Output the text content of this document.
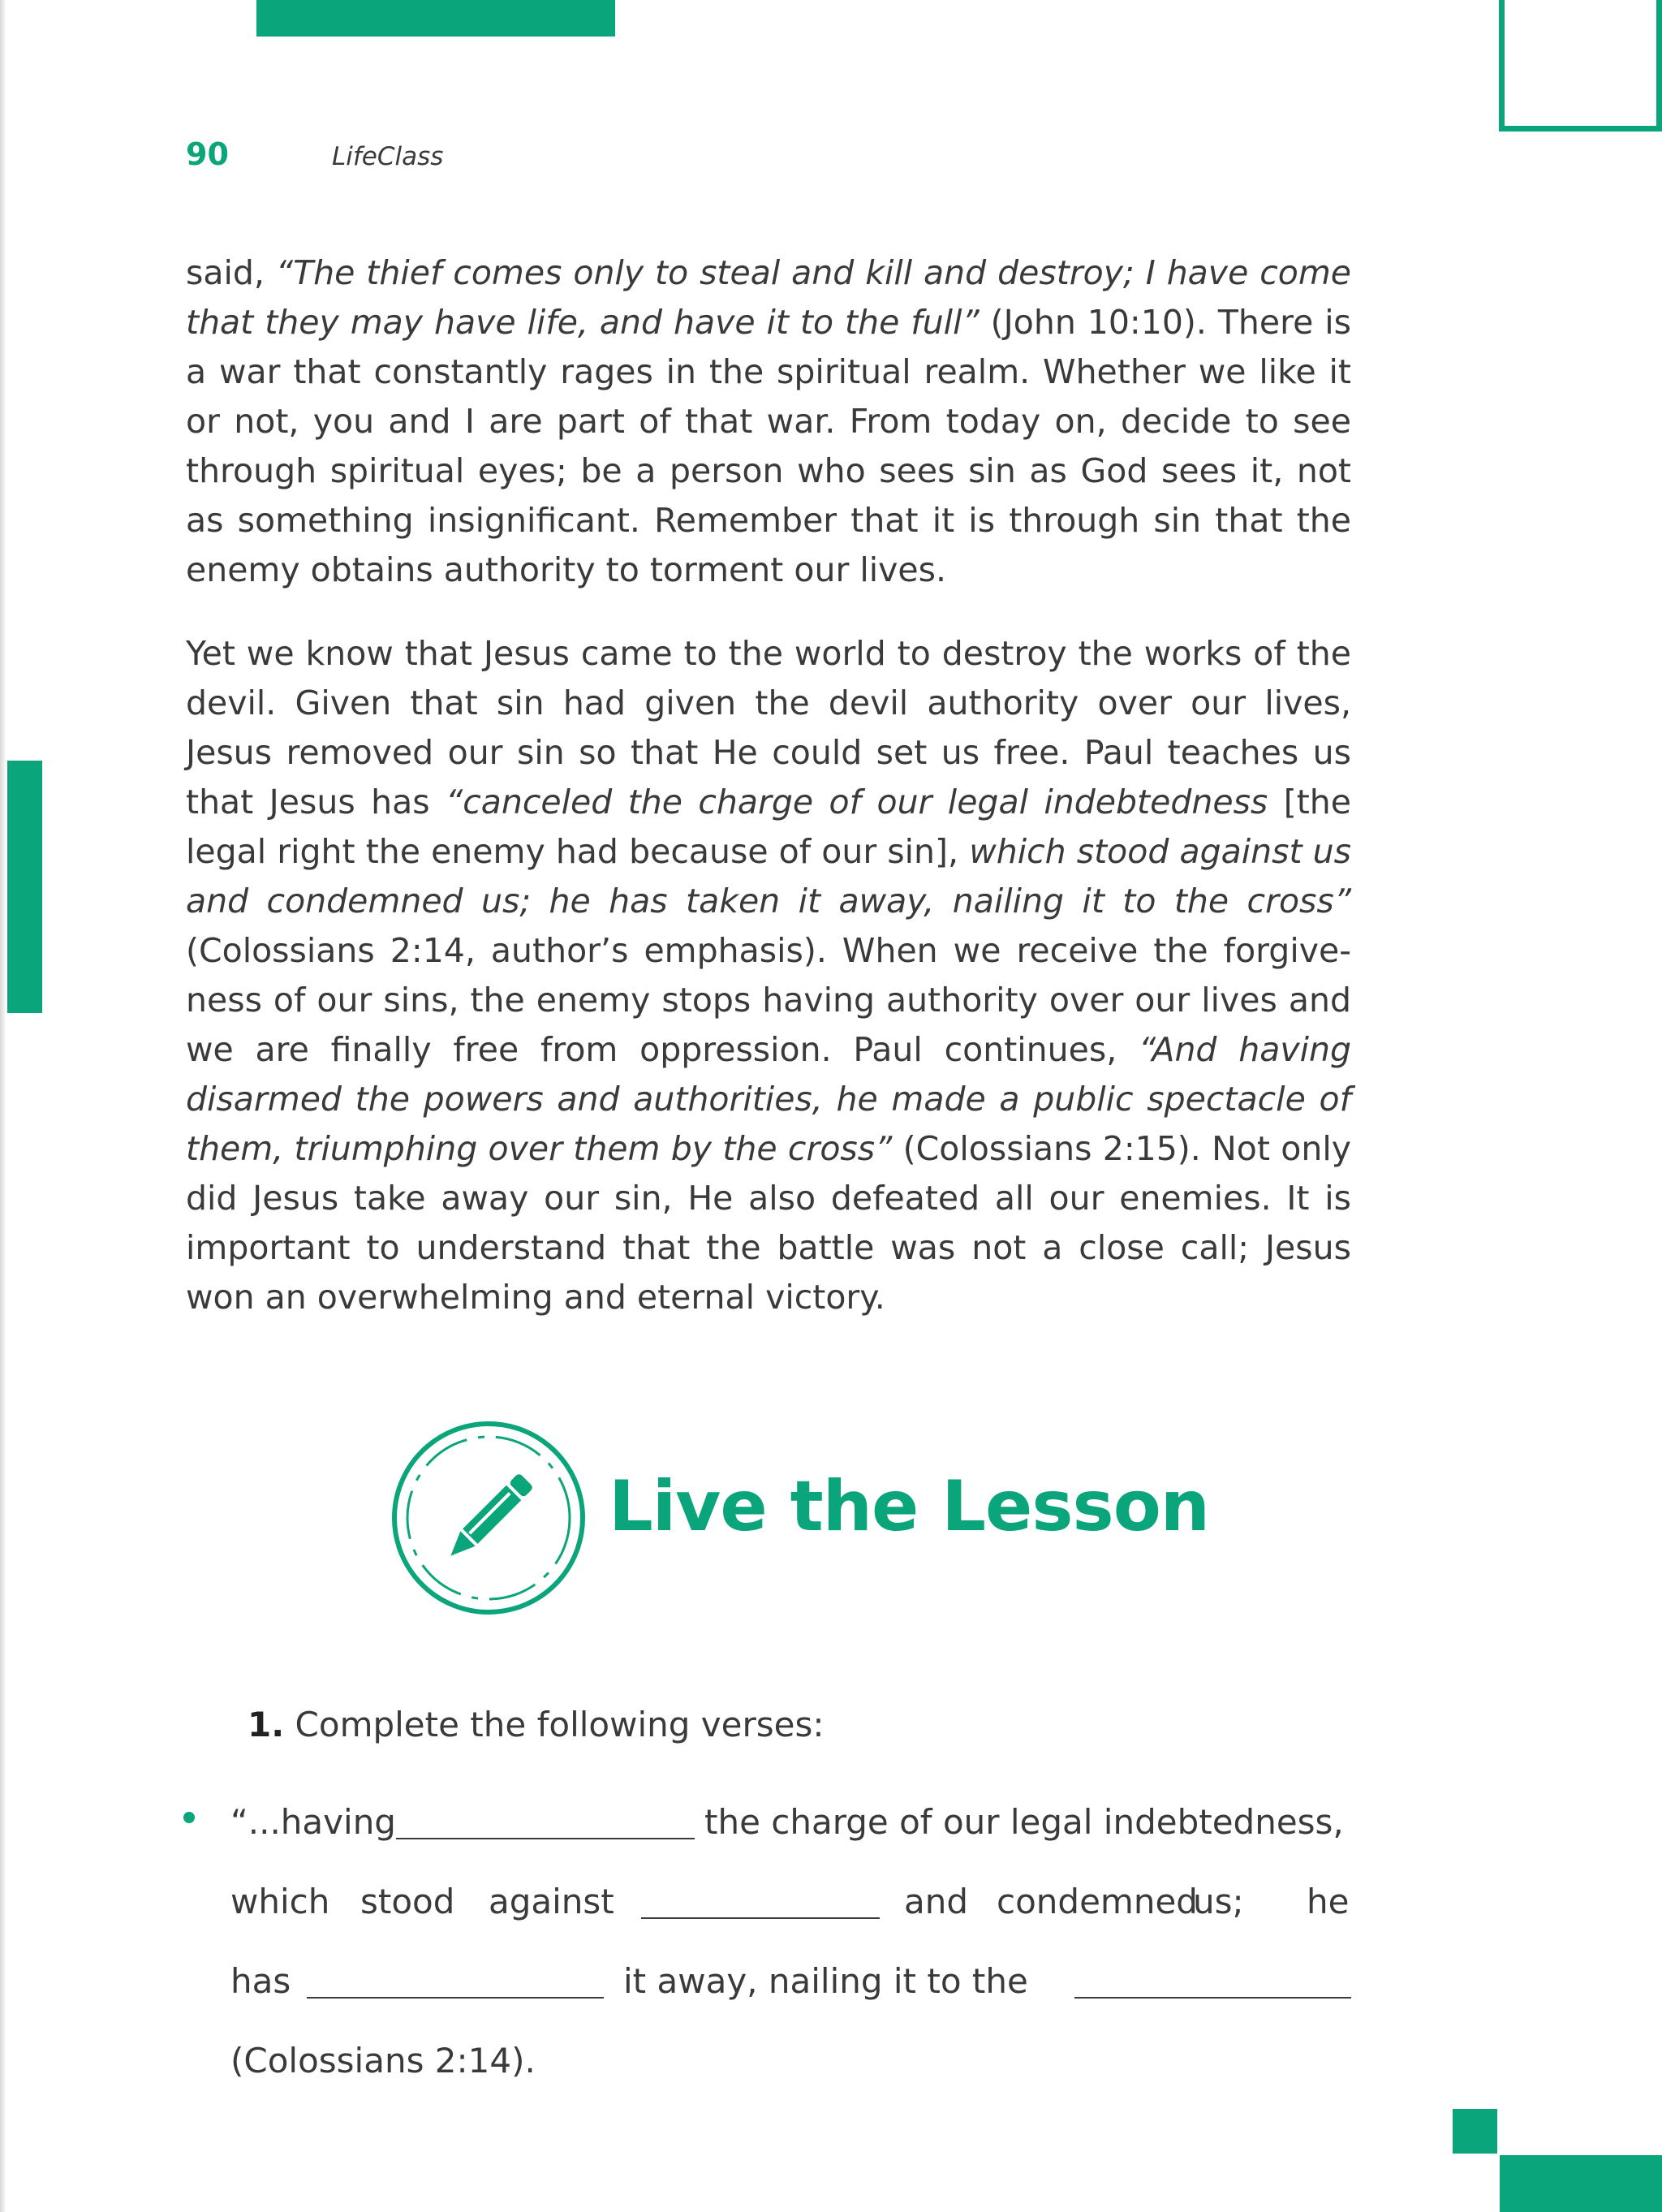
90	LifeClass
said, “The thief comes only to steal and kill and destroy; I have come that they may have life, and have it to the full” (John 10:10). There is a war that constantly rages in the spiritual realm. Whether we like it or not, you and I are part of that war. From today on, decide to see through spiritual eyes; be a person who sees sin as God sees it, not as something insignificant. Remember that it is through sin that the enemy obtains authority to torment our lives.
Yet we know that Jesus came to the world to destroy the works of the devil. Given that sin had given the devil authority over our lives, Jesus removed our sin so that He could set us free. Paul teaches us that Jesus has “canceled the charge of our legal indebtedness [the legal right the enemy had because of our sin], which stood against us and condemned us; he has taken it away, nailing it to the cross” (Colossians 2:14, author’s emphasis). When we receive the forgiveness of our sins, the enemy stops having authority over our lives and we are finally free from oppression. Paul continues, “And having disarmed the powers and authorities, he made a public spectacle of them, triumphing over them by the cross” (Colossians 2:15). Not only did Jesus take away our sin, He also defeated all our enemies. It is important to understand that the battle was not a close call; Jesus won an overwhelming and eternal victory.
Live the Lesson
1. Complete the following verses:
“...having	the charge of our legal indebtedness,
which stood against	and condemned
us; he
has	it away, nailing it to the
(Colossians 2:14).
